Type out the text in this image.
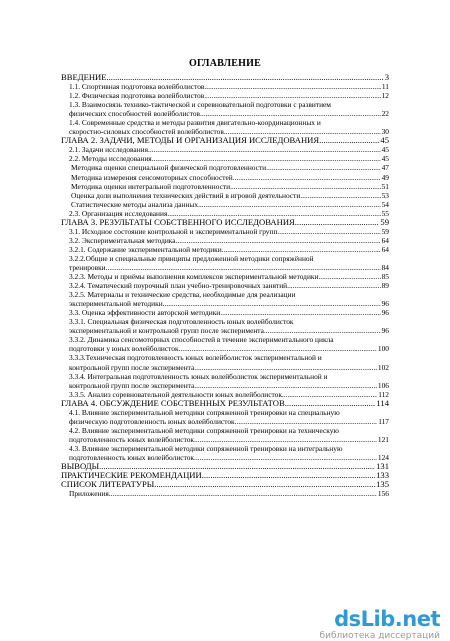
ОГЛАВЛЕНИЕ
ВВЕДЕНИЕ .....	3
1.1. Спортивная подготовка волейболистов .....	11
1.2. Физическая подготовка волейболистов .....	12
1.3. Взаимосвязь технико-тактической и соревновательной подготовки с развитием
физических способностей волейболистов .....	22
1.4. Современные средства и методы развития двигательно-координационных и
скоростно-силовых способностей волейболистов .....	30
ГЛАВА 2. ЗАДАЧИ, МЕТОДЫ И ОРГАНИЗАЦИЯ ИССЛЕДОВАНИЯ .....	45
2.1. Задачи исследования .....	45
2.2. Методы исследования .....	45
Методика оценки специальной физической подготовленности .....	47
Методика измерения сенсомоторных способностей .....	49
Методика оценки интегральной подготовленности .....	51
Оценка доли выполнения технических действий в игровой деятельности .....	53
Статистические методы анализа данных .....	54
2.3. Организация исследования .....	55
ГЛАВА 3. РЕЗУЛЬТАТЫ СОБСТВЕННОГО ИССЛЕДОВАНИЯ .....	59
3.1. Исходное состояние контрольной и экспериментальной групп .....	59
3.2. Экспериментальная методика .....	64
3.2.1. Содержание экспериментальной методики .....	64
3.2.2.Общие и специальные принципы предложенной методики сопряжённой
тренировки .....	84
3.2.3. Методы и приёмы выполнения комплексов экспериментальной методики .....	85
3.2.4. Тематический поурочный план учебно-тренировочных занятий .....	89
3.2.5. Материалы и технические средства, необходимые для реализации
экспериментальной методики .....	96
3.3. Оценка эффективности авторской методики .....	96
3.3.1. Специальная физическая подготовленность юных волейболисток
экспериментальной и контрольной групп после эксперимента .....	96
3.3.2. Динамика сенсомоторных способностей в течение экспериментального цикла
подготовки у юных волейболисток .....	100
3.3.3.Техническая подготовленность юных волейболисток экспериментальной и
контрольной групп после эксперимента .....	102
3.3.4. Интегральная подготовленность юных волейболисток экспериментальной и
контрольной групп после эксперимента .....	106
3.3.5. Анализ соревновательной деятельности юных волейболисток .....	112
ГЛАВА 4. ОБСУЖДЕНИЕ СОБСТВЕННЫХ РЕЗУЛЬТАТОВ .....	114
4.1. Влияние экспериментальной методики сопряженной тренировки на специальную
физическую подготовленность юных волейболисток .....	117
4.2. Влияние экспериментальной методики сопряженной тренировки на техническую
подготовленность юных волейболисток .....	121
4.3. Влияние экспериментальной методики сопряженной тренировки на интегральную
подготовленность юных волейболисток .....	124
ВЫВОДЫ .....	131
ПРАКТИЧЕСКИЕ РЕКОМЕНДАЦИИ .....	133
СПИСОК ЛИТЕРАТУРЫ .....	135
Приложения .....	156
dsLib.net
библиотека диссертаций
